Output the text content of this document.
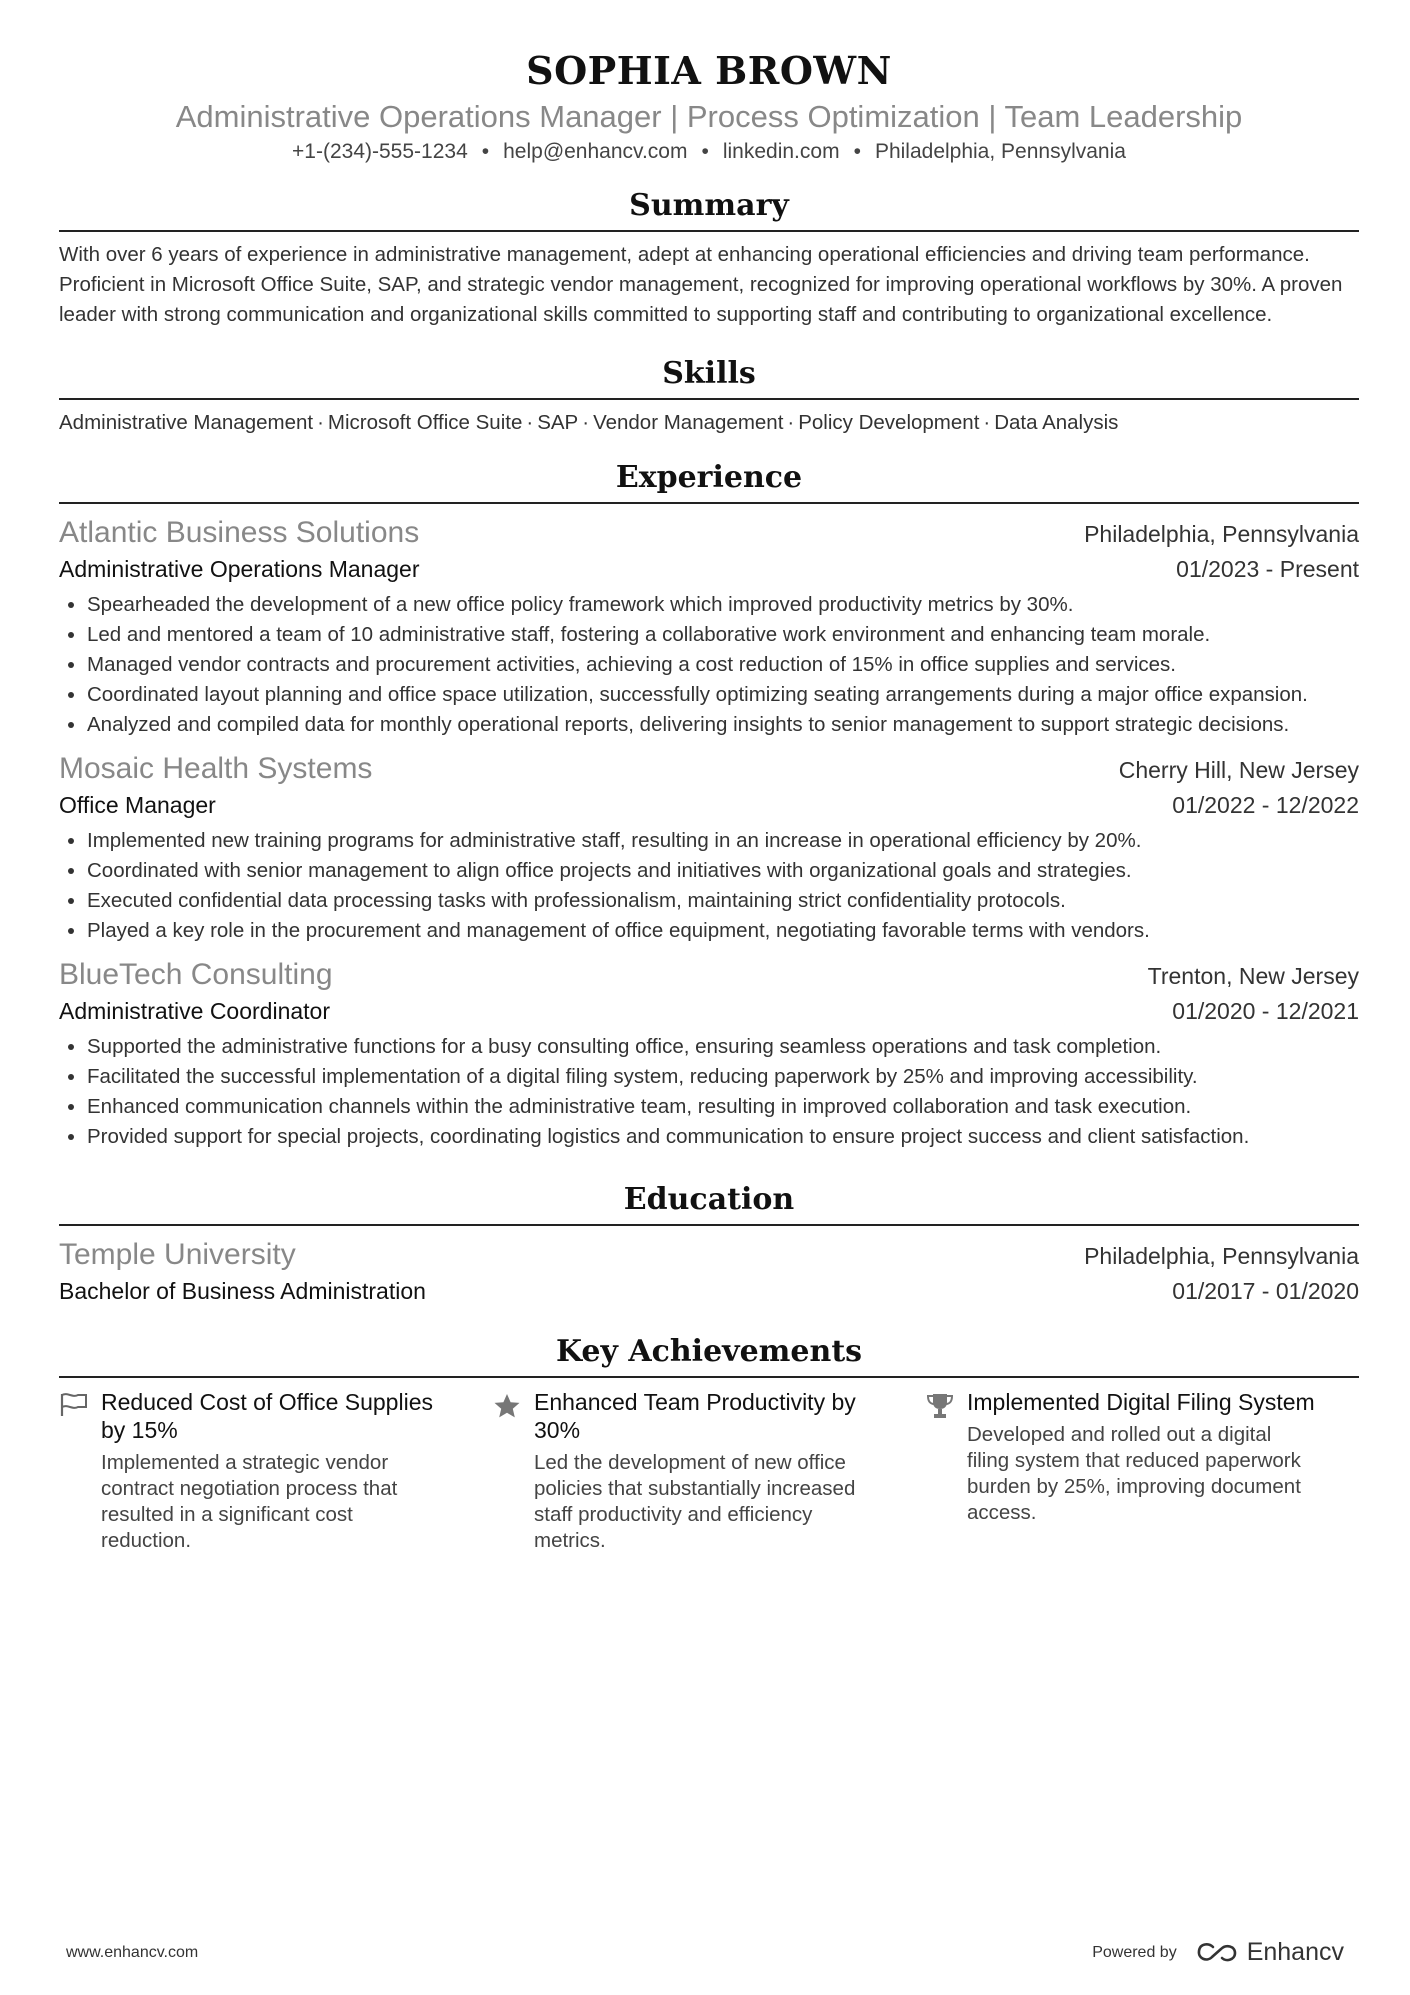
SOPHIA BROWN
Administrative Operations Manager | Process Optimization | Team Leadership
+1-(234)-555-1234 • help@enhancv.com • linkedin.com • Philadelphia, Pennsylvania
Summary
With over 6 years of experience in administrative management, adept at enhancing operational efficiencies and driving team performance. Proficient in Microsoft Office Suite, SAP, and strategic vendor management, recognized for improving operational workflows by 30%. A proven leader with strong communication and organizational skills committed to supporting staff and contributing to organizational excellence.
Skills
Administrative Management · Microsoft Office Suite · SAP · Vendor Management · Policy Development · Data Analysis
Experience
Atlantic Business Solutions	Philadelphia, Pennsylvania
Administrative Operations Manager	01/2023 - Present
• Spearheaded the development of a new office policy framework which improved productivity metrics by 30%.
• Led and mentored a team of 10 administrative staff, fostering a collaborative work environment and enhancing team morale.
• Managed vendor contracts and procurement activities, achieving a cost reduction of 15% in office supplies and services.
• Coordinated layout planning and office space utilization, successfully optimizing seating arrangements during a major office expansion.
• Analyzed and compiled data for monthly operational reports, delivering insights to senior management to support strategic decisions.
Mosaic Health Systems	Cherry Hill, New Jersey
Office Manager	01/2022 - 12/2022
• Implemented new training programs for administrative staff, resulting in an increase in operational efficiency by 20%.
• Coordinated with senior management to align office projects and initiatives with organizational goals and strategies.
• Executed confidential data processing tasks with professionalism, maintaining strict confidentiality protocols.
• Played a key role in the procurement and management of office equipment, negotiating favorable terms with vendors.
BlueTech Consulting	Trenton, New Jersey
Administrative Coordinator	01/2020 - 12/2021
• Supported the administrative functions for a busy consulting office, ensuring seamless operations and task completion.
• Facilitated the successful implementation of a digital filing system, reducing paperwork by 25% and improving accessibility.
• Enhanced communication channels within the administrative team, resulting in improved collaboration and task execution.
• Provided support for special projects, coordinating logistics and communication to ensure project success and client satisfaction.
Education
Temple University	Philadelphia, Pennsylvania
Bachelor of Business Administration	01/2017 - 01/2020
Key Achievements
Reduced Cost of Office Supplies by 15%
Implemented a strategic vendor contract negotiation process that resulted in a significant cost reduction.
Enhanced Team Productivity by 30%
Led the development of new office policies that substantially increased staff productivity and efficiency metrics.
Implemented Digital Filing System
Developed and rolled out a digital filing system that reduced paperwork burden by 25%, improving document access.
www.enhancv.com	Powered by	Enhancv
